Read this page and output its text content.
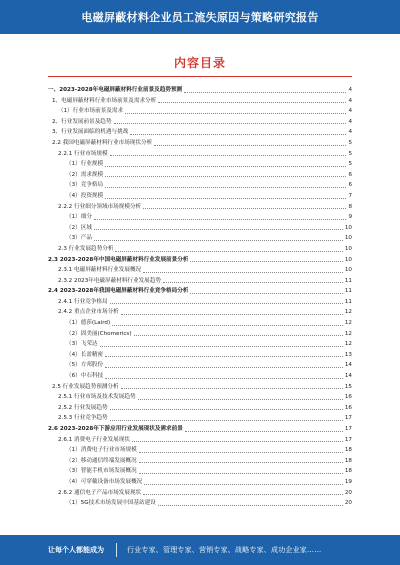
电磁屏蔽材料企业员工流失原因与策略研究报告
内容目录
一、2023-2028年电磁屏蔽材料行业前景及趋势预测	4
1、电磁屏蔽材料行业市场前景及需求分析	4
（1）行业市场前景及需求	4
2、行业发展前景及趋势	4
3、行业发展面临的机遇与挑战	4
2.2 我国电磁屏蔽材料行业市场现状分析	5
2.2.1 行业市场规模	5
（1）行业规模	5
（2）需求规模	6
（3）竞争格局	6
（4）投资规模	7
2.2.2 行业细分领域市场规模分析	8
（1）细分	9
（2）区域	10
（3）产品	10
2.3 行业发展趋势分析	10
2.3 2023-2028年中国电磁屏蔽材料行业发展前景分析	10
2.3.1 电磁屏蔽材料行业发展概况	10
2.3.2 2023年电磁屏蔽材料行业发展趋势	11
2.4 2023-2028年我国电磁屏蔽材料行业竞争格局分析	11
2.4.1 行业竞争格局	11
2.4.2 重点企业市场分析	12
（1）德莎(Laird)	12
（2）固美丽(Chomerics)	12
（3）飞荣达	12
（4）长盈精密	13
（5）方邦股份	14
（6）中石科技	14
2.5 行业发展趋势预测分析	15
2.5.1 行业市场及技术发展趋势	16
2.5.2 行业发展趋势	16
2.5.3 行业竞争趋势	17
2.6 2023-2028年下游应用行业发展现状及需求前景	17
2.6.1 消费电子行业发展现状	17
（1）消费电子行业市场规模	18
（2）移动通信终端发展概况	18
（3）智能手机市场发展概况	18
（4）可穿戴设备市场发展概况	19
2.6.2 通信电子产品市场发展现状	20
（1）5G技术市场发展中国基站建设	20
让每个人都能成为	行业专家、管理专家、营销专家、战略专家、成功企业家……
